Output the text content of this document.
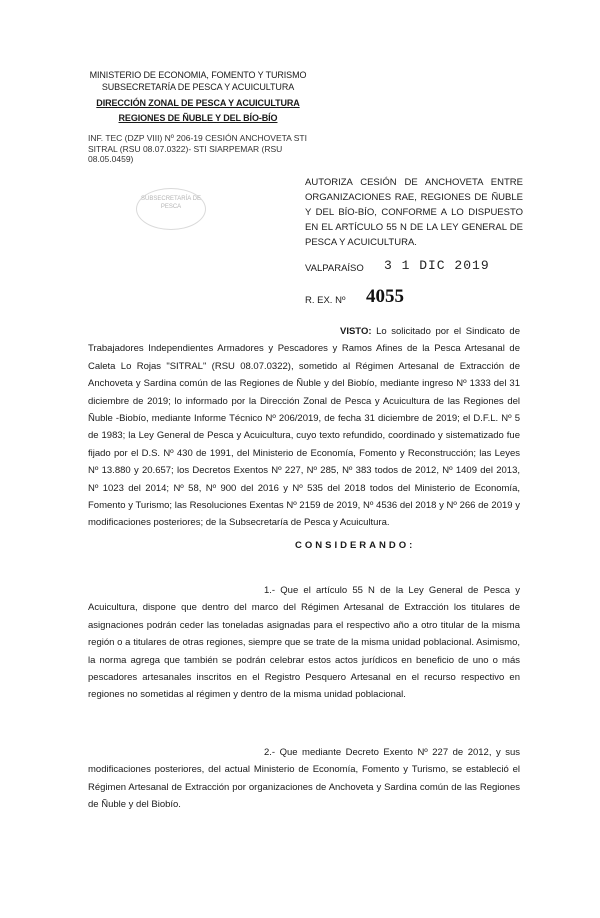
MINISTERIO DE ECONOMIA, FOMENTO Y TURISMO
SUBSECRETARÍA DE PESCA Y ACUICULTURA
DIRECCIÓN ZONAL DE PESCA Y ACUICULTURA
REGIONES DE ÑUBLE Y DEL BÍO-BÍO
INF. TEC (DZP VIII) Nº 206-19 CESIÓN ANCHOVETA STI SITRAL (RSU 08.07.0322)- STI SIARPEMAR (RSU 08.05.0459)
SUBSECRETARÍA DE PESCA
AUTORIZA CESIÓN DE ANCHOVETA ENTRE ORGANIZACIONES RAE, REGIONES DE ÑUBLE Y DEL BÍO-BÍO, CONFORME A LO DISPUESTO EN EL ARTÍCULO 55 N DE LA LEY GENERAL DE PESCA Y ACUICULTURA.
VALPARAÍSO 3 1 DIC 2019
R. EX. Nº 4055
VISTO: Lo solicitado por el Sindicato de Trabajadores Independientes Armadores y Pescadores y Ramos Afines de la Pesca Artesanal de Caleta Lo Rojas "SITRAL" (RSU 08.07.0322), sometido al Régimen Artesanal de Extracción de Anchoveta y Sardina común de las Regiones de Ñuble y del Biobío, mediante ingreso Nº 1333 del 31 diciembre de 2019; lo informado por la Dirección Zonal de Pesca y Acuicultura de las Regiones del Ñuble -Biobío, mediante Informe Técnico Nº 206/2019, de fecha 31 diciembre de 2019; el D.F.L. Nº 5 de 1983; la Ley General de Pesca y Acuicultura, cuyo texto refundido, coordinado y sistematizado fue fijado por el D.S. Nº 430 de 1991, del Ministerio de Economía, Fomento y Reconstrucción; las Leyes Nº 13.880 y 20.657; los Decretos Exentos Nº 227, Nº 285, Nº 383 todos de 2012, Nº 1409 del 2013, Nº 1023 del 2014; Nº 58, Nº 900 del 2016 y Nº 535 del 2018 todos del Ministerio de Economía, Fomento y Turismo; las Resoluciones Exentas Nº 2159 de 2019, Nº 4536 del 2018 y Nº 266 de 2019 y modificaciones posteriores; de la Subsecretaría de Pesca y Acuicultura.
CONSIDERANDO:
1.- Que el artículo 55 N de la Ley General de Pesca y Acuicultura, dispone que dentro del marco del Régimen Artesanal de Extracción los titulares de asignaciones podrán ceder las toneladas asignadas para el respectivo año a otro titular de la misma región o a titulares de otras regiones, siempre que se trate de la misma unidad poblacional. Asimismo, la norma agrega que también se podrán celebrar estos actos jurídicos en beneficio de uno o más pescadores artesanales inscritos en el Registro Pesquero Artesanal en el recurso respectivo en regiones no sometidas al régimen y dentro de la misma unidad poblacional.
2.- Que mediante Decreto Exento Nº 227 de 2012, y sus modificaciones posteriores, del actual Ministerio de Economía, Fomento y Turismo, se estableció el Régimen Artesanal de Extracción por organizaciones de Anchoveta y Sardina común de las Regiones de Ñuble y del Biobío.
